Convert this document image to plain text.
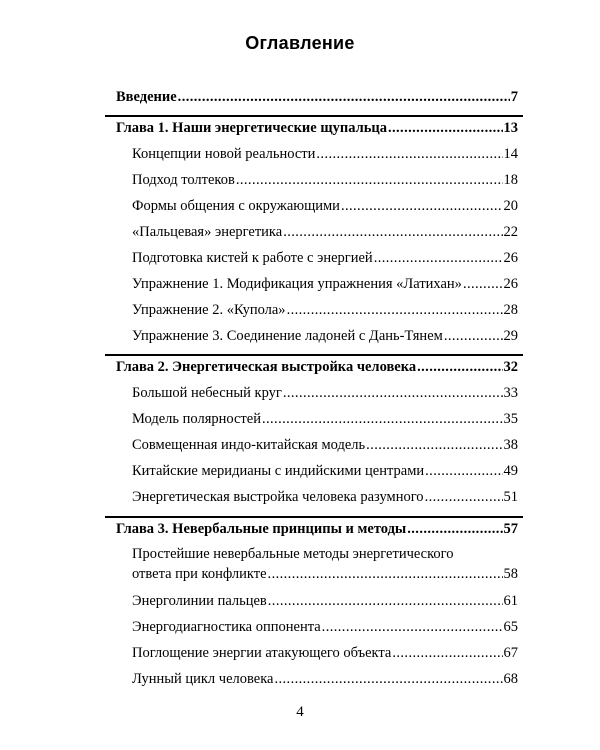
Оглавление
Введение .....	7
Глава 1. Наши энергетические щупальца .....	13
Концепции новой реальности .....	14
Подход толтеков .....	18
Формы общения с окружающими .....	20
«Пальцевая» энергетика .....	22
Подготовка кистей к работе с энергией .....	26
Упражнение 1. Модификация упражнения «Латихан» .....	26
Упражнение 2. «Купола» .....	28
Упражнение 3. Соединение ладоней с Дань-Тянем .....	29
Глава 2. Энергетическая выстройка человека .....	32
Большой небесный круг .....	33
Модель полярностей .....	35
Совмещенная индо-китайская модель .....	38
Китайские меридианы с индийскими центрами .....	49
Энергетическая выстройка человека разумного .....	51
Глава 3. Невербальные принципы и методы .....	57
Простейшие невербальные методы энергетического
ответа при конфликте .....	58
Энерголинии пальцев .....	61
Энергодиагностика оппонента .....	65
Поглощение энергии атакующего объекта .....	67
Лунный цикл человека .....	68
4
